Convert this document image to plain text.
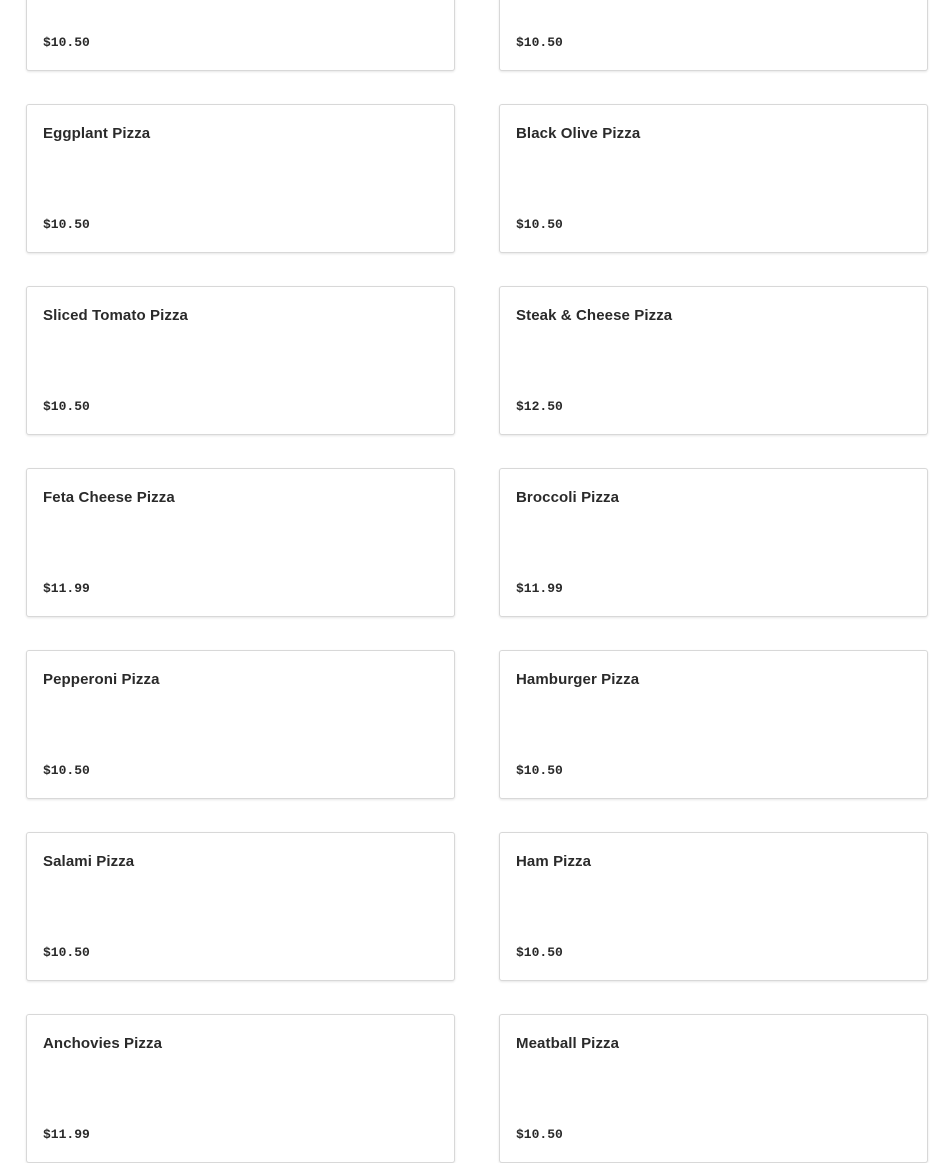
$10.50	$10.50
Eggplant Pizza
$10.50
Black Olive Pizza
$10.50
Sliced Tomato Pizza
$10.50
Steak & Cheese Pizza
$12.50
Feta Cheese Pizza
$11.99
Broccoli Pizza
$11.99
Pepperoni Pizza
$10.50
Hamburger Pizza
$10.50
Salami Pizza
$10.50
Ham Pizza
$10.50
Anchovies Pizza
$11.99
Meatball Pizza
$10.50
